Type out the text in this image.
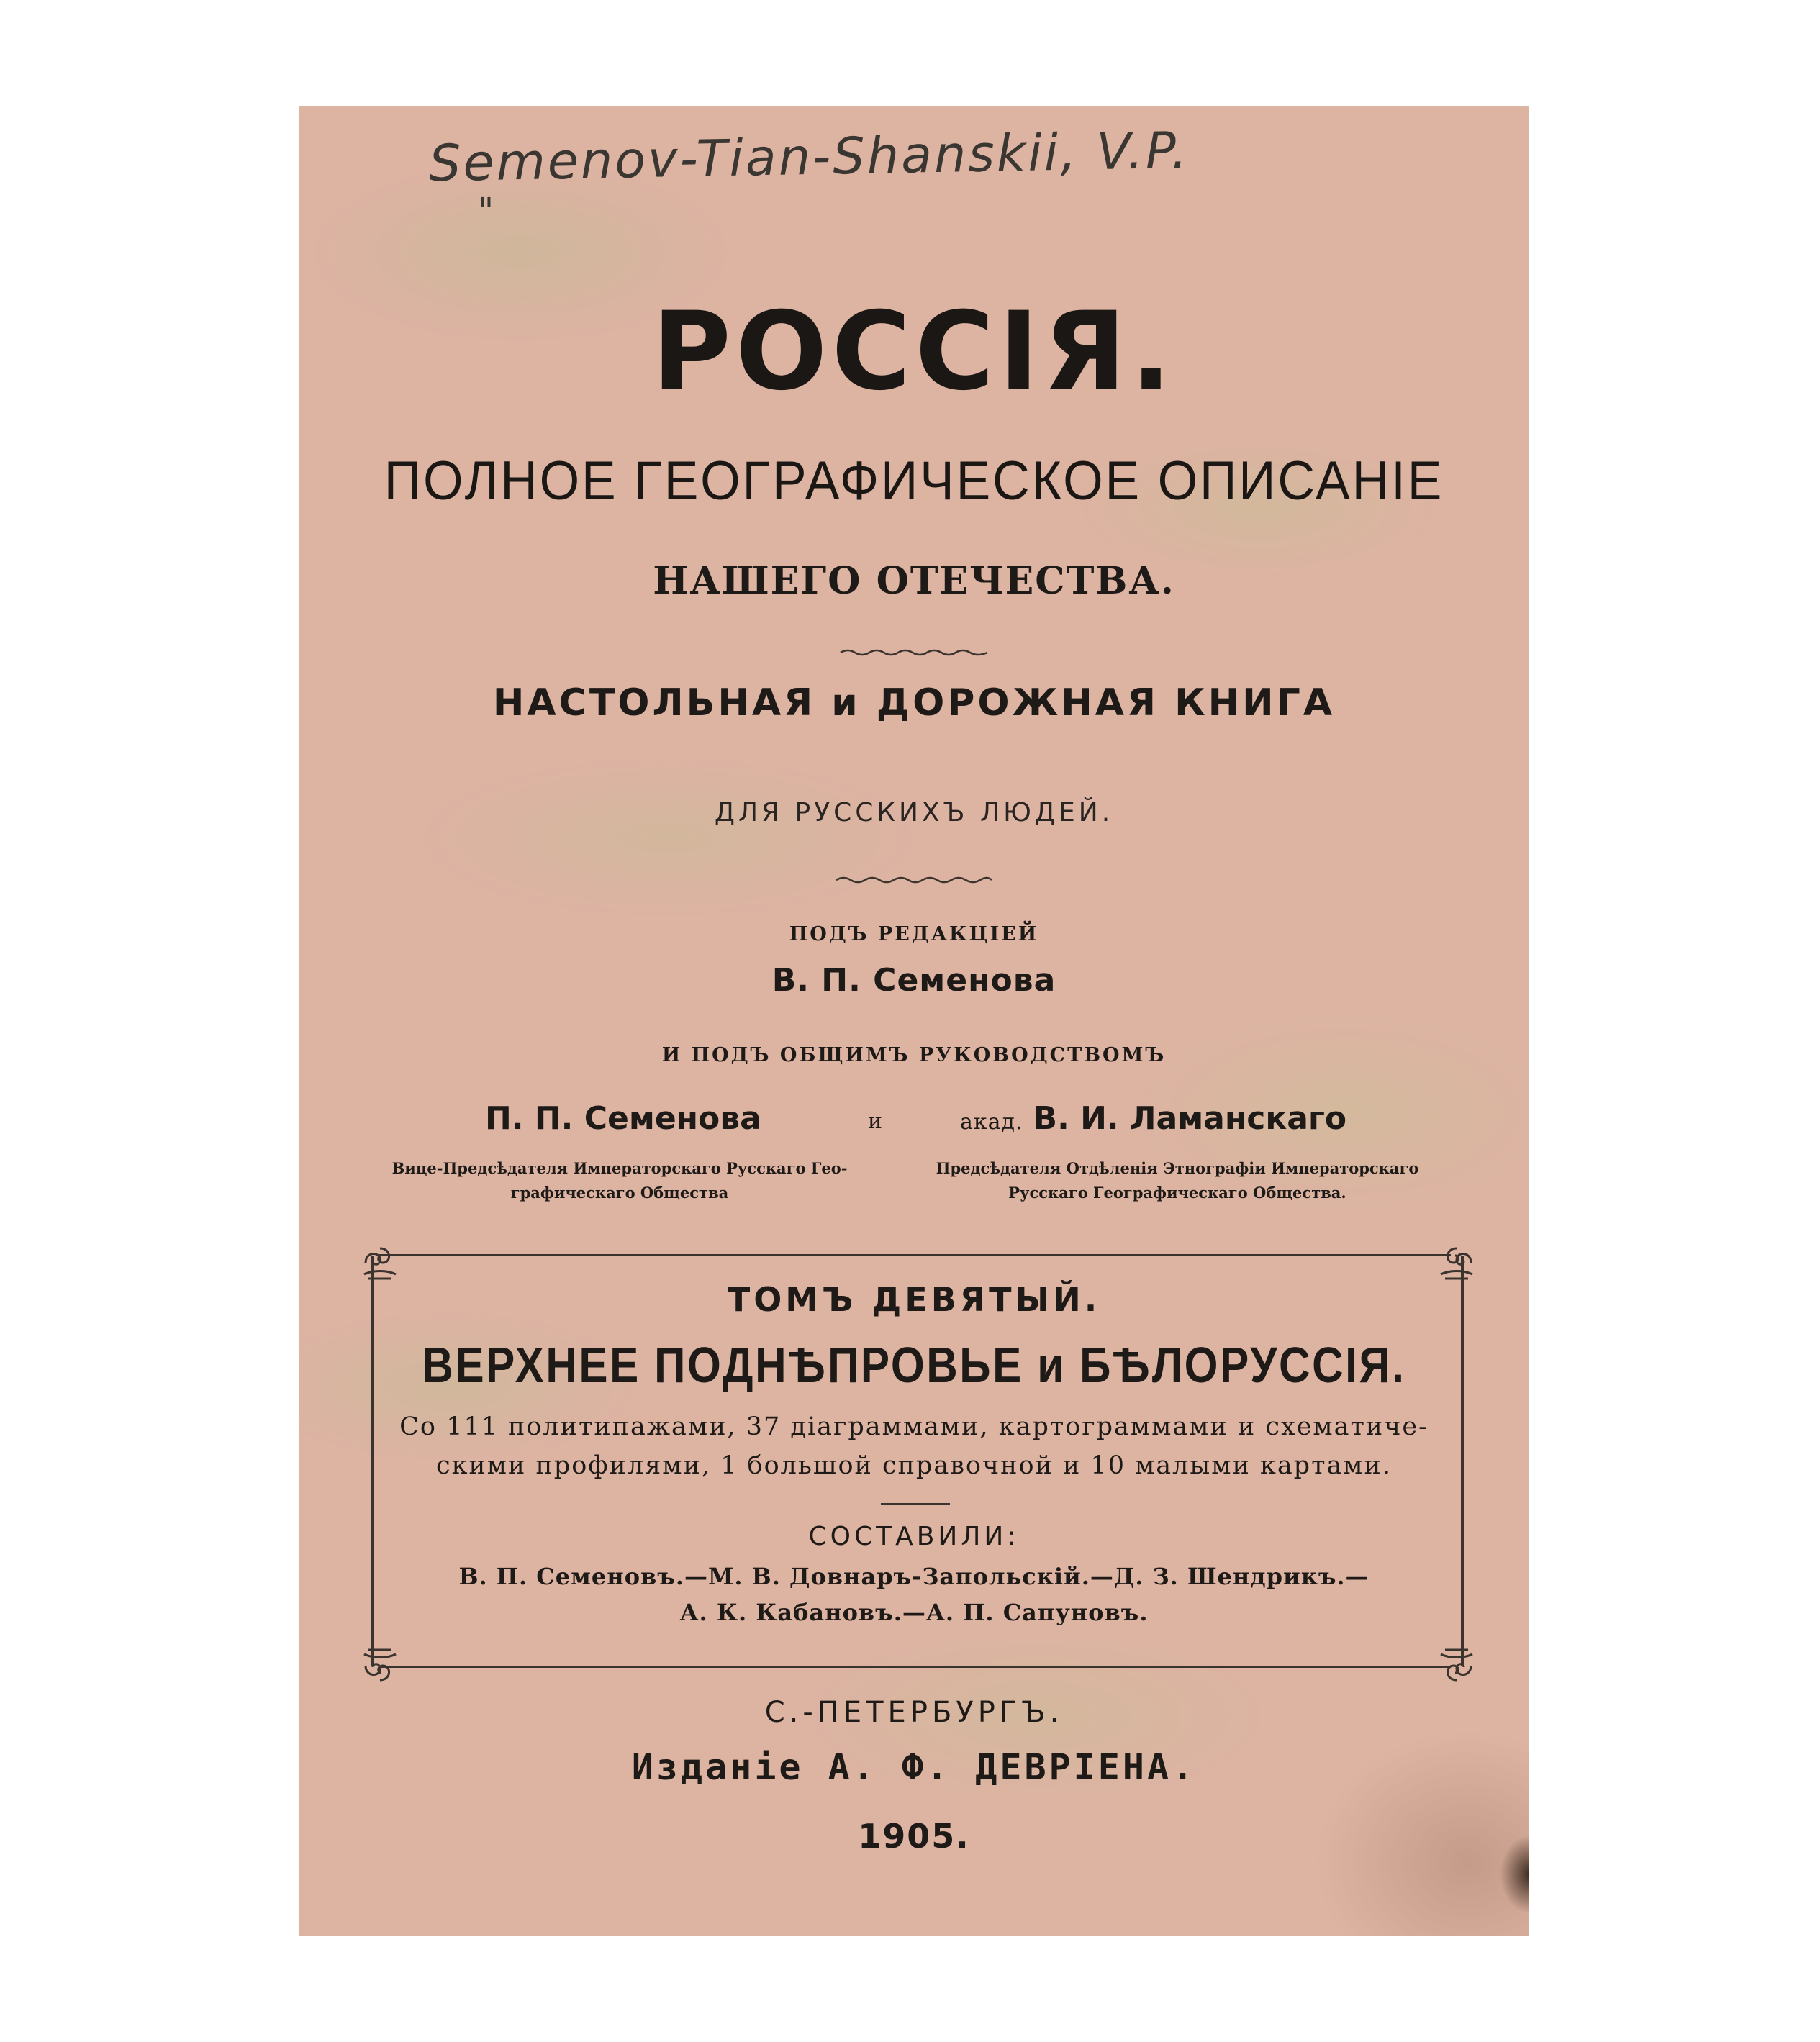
Semenov-Tian-Shanskii, V.P.
"
РОССІЯ.
ПОЛНОЕ ГЕОГРАФИЧЕСКОЕ ОПИСАНІЕ
НАШЕГО ОТЕЧЕСТВА.
НАСТОЛЬНАЯ и ДОРОЖНАЯ КНИГА
ДЛЯ РУССКИХЪ ЛЮДЕЙ.
ПОДЪ РЕДАКЦІЕЙ
В. П. Семенова
И ПОДЪ ОБЩИМЪ РУКОВОДСТВОМЪ
П. П. Семенова	и	акад. В. И. Ламанскаго
Вице-Предсѣдателя Императорскаго Русскаго Гео-
графическаго Общества
Предсѣдателя Отдѣленія Этнографіи Императорскаго
Русскаго Географическаго Общества.
ТОМЪ ДЕВЯТЫЙ.
ВЕРХНЕЕ ПОДНѢПРОВЬЕ и БѢЛОРУССІЯ.
Со 111 политипажами, 37 діаграммами, картограммами и схематиче-
скими профилями, 1 большой справочной и 10 малыми картами.
СОСТАВИЛИ:
В. П. Семеновъ.—М. В. Довнаръ-Запольскій.—Д. З. Шендрикъ.—
А. К. Кабановъ.—А. П. Сапуновъ.
С.-ПЕТЕРБУРГЪ.
Изданіе А. Ф. ДЕВРІЕНА.
1905.
